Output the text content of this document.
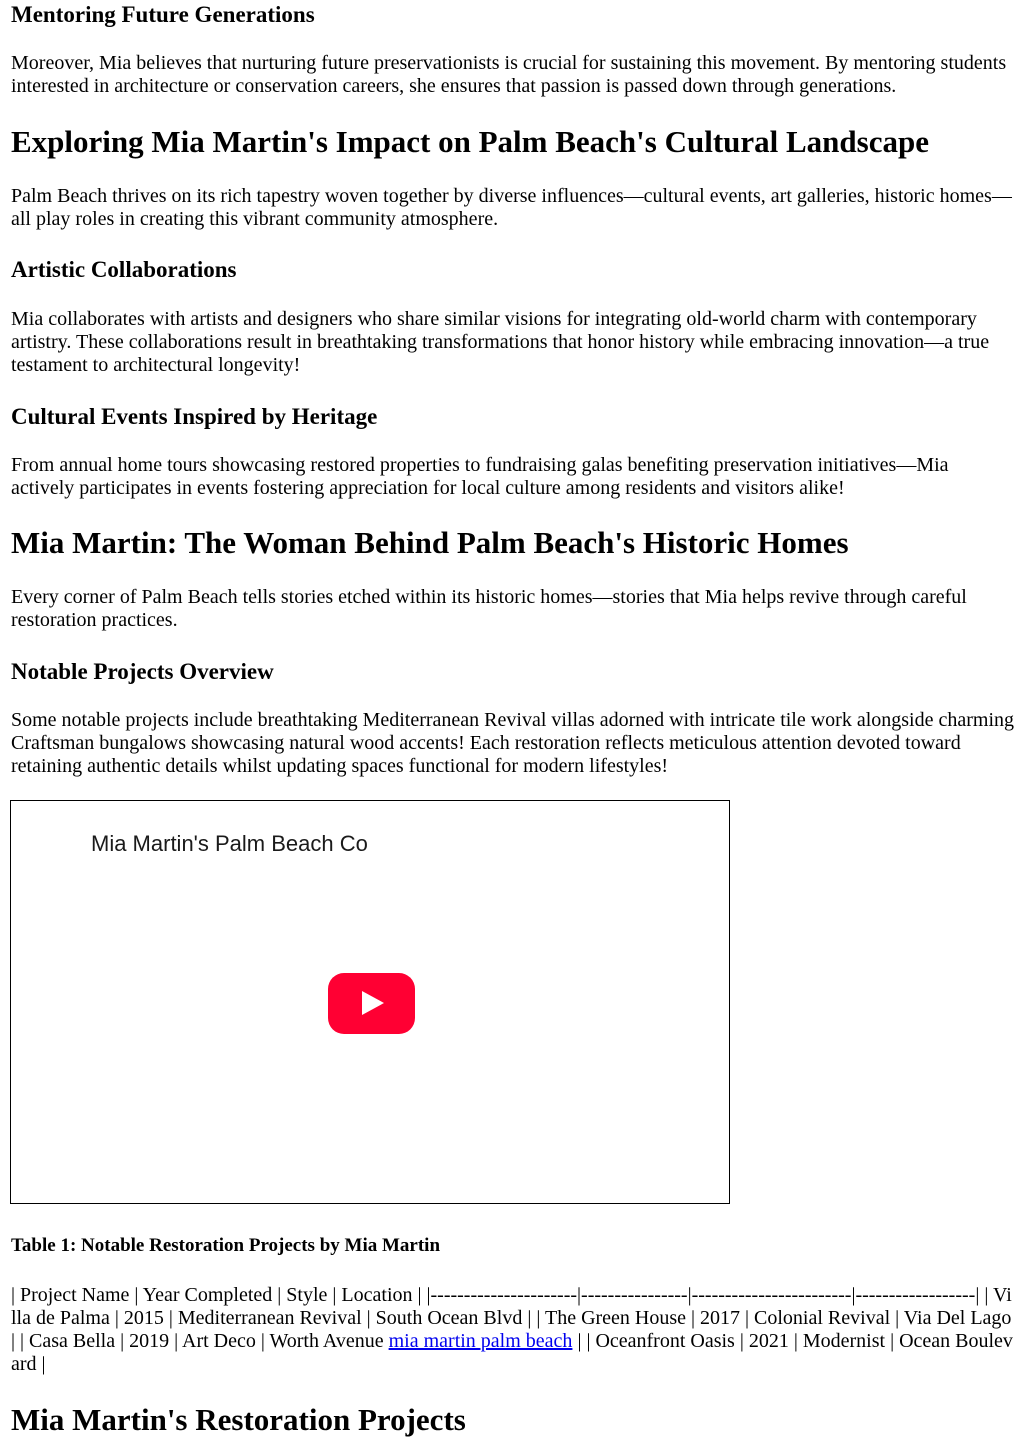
Mentoring Future Generations

Moreover, Mia believes that nurturing future preservationists is crucial for sustaining this movement. By mentoring students interested in architecture or conservation careers, she ensures that passion is passed down through generations.

Exploring Mia Martin's Impact on Palm Beach's Cultural Landscape

Palm Beach thrives on its rich tapestry woven together by diverse influences—cultural events, art galleries, historic homes—all play roles in creating this vibrant community atmosphere.

Artistic Collaborations

Mia collaborates with artists and designers who share similar visions for integrating old-world charm with contemporary artistry. These collaborations result in breathtaking transformations that honor history while embracing innovation—a true testament to architectural longevity!

Cultural Events Inspired by Heritage

From annual home tours showcasing restored properties to fundraising galas benefiting preservation initiatives—Mia actively participates in events fostering appreciation for local culture among residents and visitors alike!

Mia Martin: The Woman Behind Palm Beach's Historic Homes

Every corner of Palm Beach tells stories etched within its historic homes—stories that Mia helps revive through careful restoration practices.

Notable Projects Overview

Some notable projects include breathtaking Mediterranean Revival villas adorned with intricate tile work alongside charming Craftsman bungalows showcasing natural wood accents! Each restoration reflects meticulous attention devoted toward retaining authentic details whilst updating spaces functional for modern lifestyles!

Mia Martin's Palm Beach Co
Table 1: Notable Restoration Projects by Mia Martin

| Project Name | Year Completed | Style | Location | |----------------------|----------------|------------------------|------------------| | Villa de Palma | 2015 | Mediterranean Revival | South Ocean Blvd | | The Green House | 2017 | Colonial Revival | Via Del Lago | | Casa Bella | 2019 | Art Deco | Worth Avenue mia martin palm beach | | Oceanfront Oasis | 2021 | Modernist | Ocean Boulevard |

Mia Martin's Restoration Projects
